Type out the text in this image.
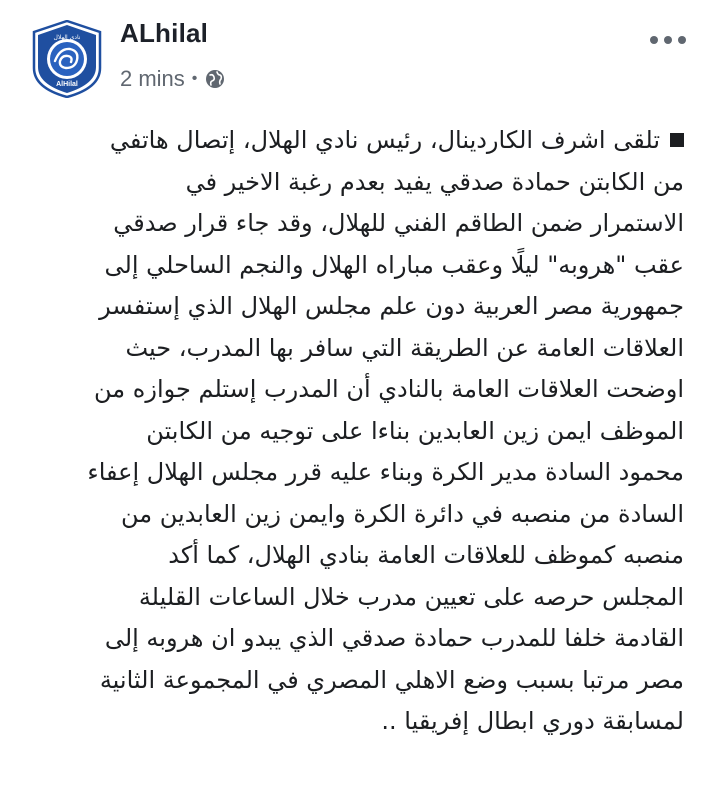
نادي الهلال
AlHilal
ALhilal
2 mins •
تلقى اشرف الكاردينال، رئيس نادي الهلال، إتصال هاتفي
من الكابتن حمادة صدقي يفيد بعدم رغبة الاخير في
الاستمرار ضمن الطاقم الفني للهلال، وقد جاء قرار صدقي
عقب "هروبه" ليلًا وعقب مباراه الهلال والنجم الساحلي إلى
جمهورية مصر العربية دون علم مجلس الهلال الذي إستفسر
العلاقات العامة عن الطريقة التي سافر بها المدرب، حيث
اوضحت العلاقات العامة بالنادي أن المدرب إستلم جوازه من
الموظف ايمن زين العابدين بناءا على توجيه من الكابتن
محمود السادة مدير الكرة وبناء عليه قرر مجلس الهلال إعفاء
السادة من منصبه في دائرة الكرة وايمن زين العابدين من
منصبه كموظف للعلاقات العامة بنادي الهلال، كما أكد
المجلس حرصه على تعيين مدرب خلال الساعات القليلة
القادمة خلفا للمدرب حمادة صدقي الذي يبدو ان هروبه إلى
مصر مرتبا بسبب وضع الاهلي المصري في المجموعة الثانية
لمسابقة دوري ابطال إفريقيا ..
